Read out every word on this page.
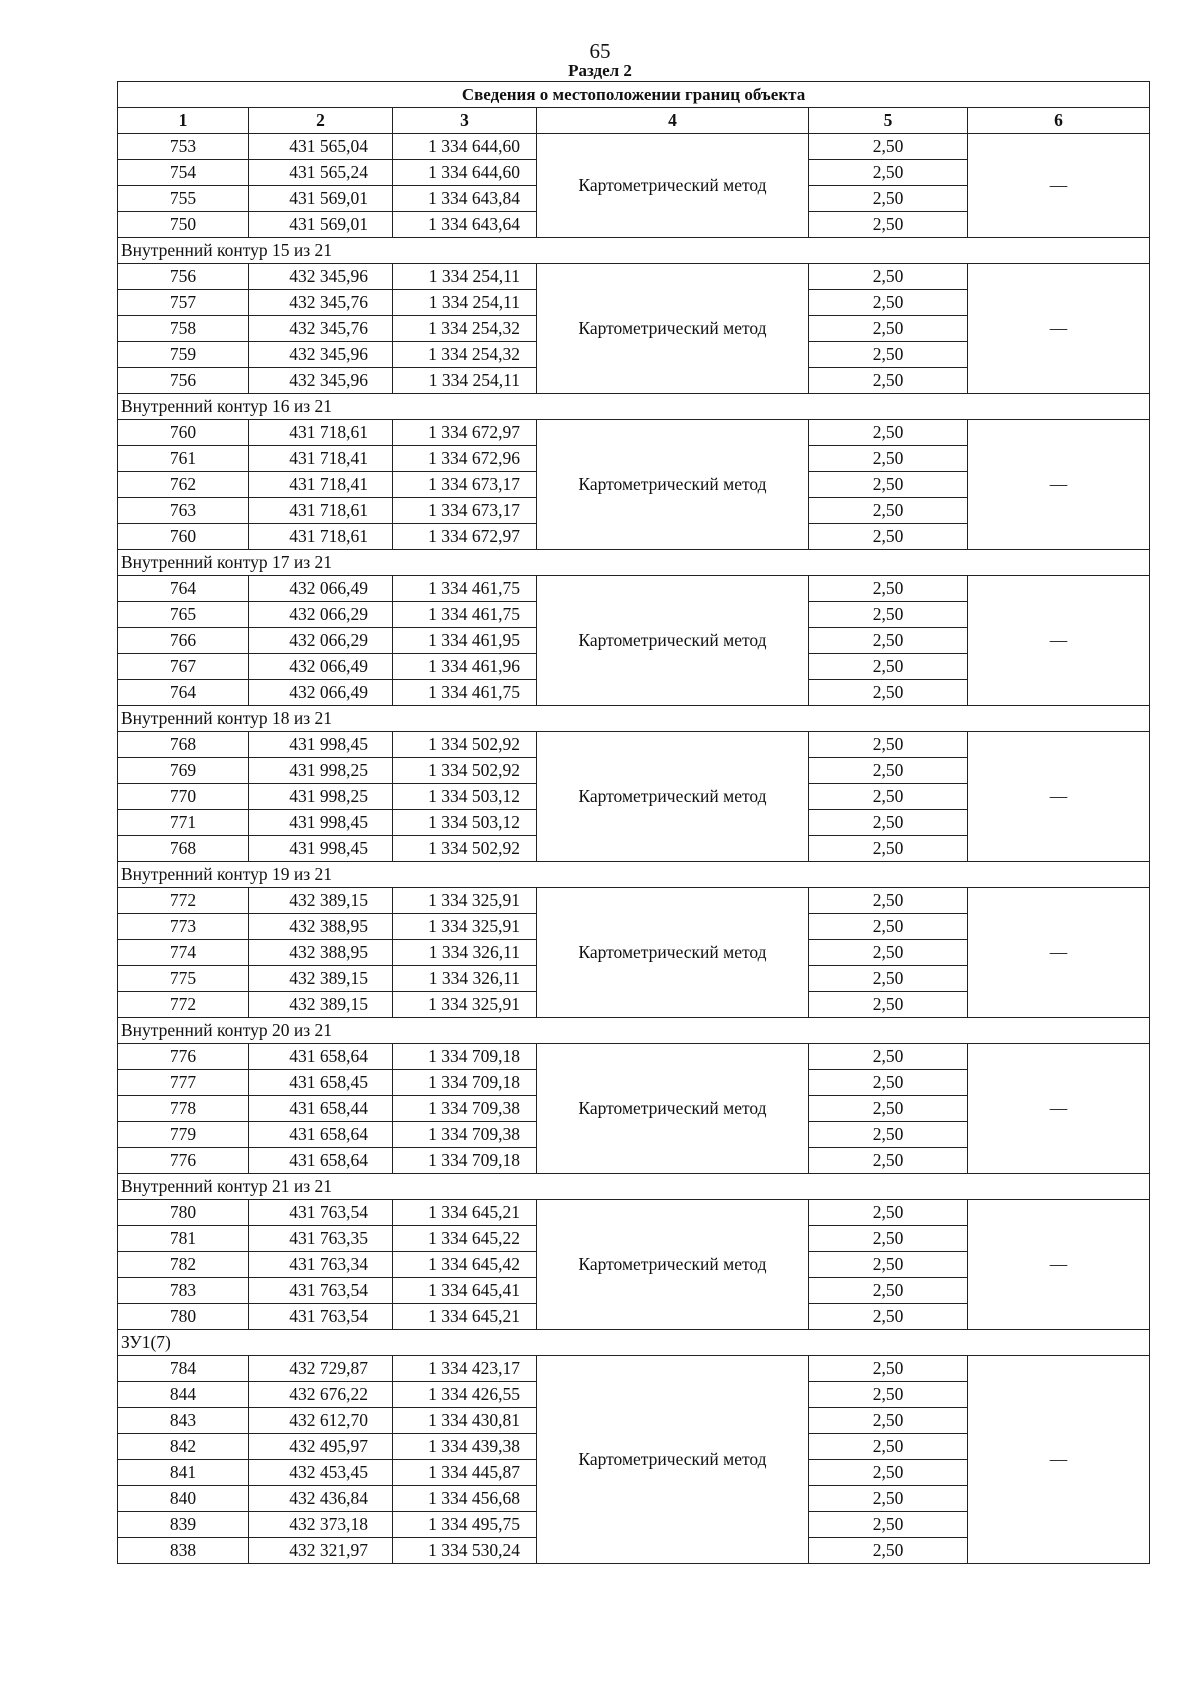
65
Раздел 2
Сведения о местоположении границ объекта					
1	2	3	4	5	6
753	431 565,04	1 334 644,60	Картометрический метод	2,50	—
754	431 565,24	1 334 644,60		2,50	
755	431 569,01	1 334 643,84		2,50	
750	431 569,01	1 334 643,64		2,50	
Внутренний контур 15 из 21					
756	432 345,96	1 334 254,11	Картометрический метод	2,50	—
757	432 345,76	1 334 254,11		2,50	
758	432 345,76	1 334 254,32		2,50	
759	432 345,96	1 334 254,32		2,50	
756	432 345,96	1 334 254,11		2,50	
Внутренний контур 16 из 21					
760	431 718,61	1 334 672,97	Картометрический метод	2,50	—
761	431 718,41	1 334 672,96		2,50	
762	431 718,41	1 334 673,17		2,50	
763	431 718,61	1 334 673,17		2,50	
760	431 718,61	1 334 672,97		2,50	
Внутренний контур 17 из 21					
764	432 066,49	1 334 461,75	Картометрический метод	2,50	—
765	432 066,29	1 334 461,75		2,50	
766	432 066,29	1 334 461,95		2,50	
767	432 066,49	1 334 461,96		2,50	
764	432 066,49	1 334 461,75		2,50	
Внутренний контур 18 из 21					
768	431 998,45	1 334 502,92	Картометрический метод	2,50	—
769	431 998,25	1 334 502,92		2,50	
770	431 998,25	1 334 503,12		2,50	
771	431 998,45	1 334 503,12		2,50	
768	431 998,45	1 334 502,92		2,50	
Внутренний контур 19 из 21					
772	432 389,15	1 334 325,91	Картометрический метод	2,50	—
773	432 388,95	1 334 325,91		2,50	
774	432 388,95	1 334 326,11		2,50	
775	432 389,15	1 334 326,11		2,50	
772	432 389,15	1 334 325,91		2,50	
Внутренний контур 20 из 21					
776	431 658,64	1 334 709,18	Картометрический метод	2,50	—
777	431 658,45	1 334 709,18		2,50	
778	431 658,44	1 334 709,38		2,50	
779	431 658,64	1 334 709,38		2,50	
776	431 658,64	1 334 709,18		2,50	
Внутренний контур 21 из 21					
780	431 763,54	1 334 645,21	Картометрический метод	2,50	—
781	431 763,35	1 334 645,22		2,50	
782	431 763,34	1 334 645,42		2,50	
783	431 763,54	1 334 645,41		2,50	
780	431 763,54	1 334 645,21		2,50	
ЗУ1(7)					
784	432 729,87	1 334 423,17	Картометрический метод	2,50	—
844	432 676,22	1 334 426,55		2,50	
843	432 612,70	1 334 430,81		2,50	
842	432 495,97	1 334 439,38		2,50	
841	432 453,45	1 334 445,87		2,50	
840	432 436,84	1 334 456,68		2,50	
839	432 373,18	1 334 495,75		2,50	
838	432 321,97	1 334 530,24		2,50	
